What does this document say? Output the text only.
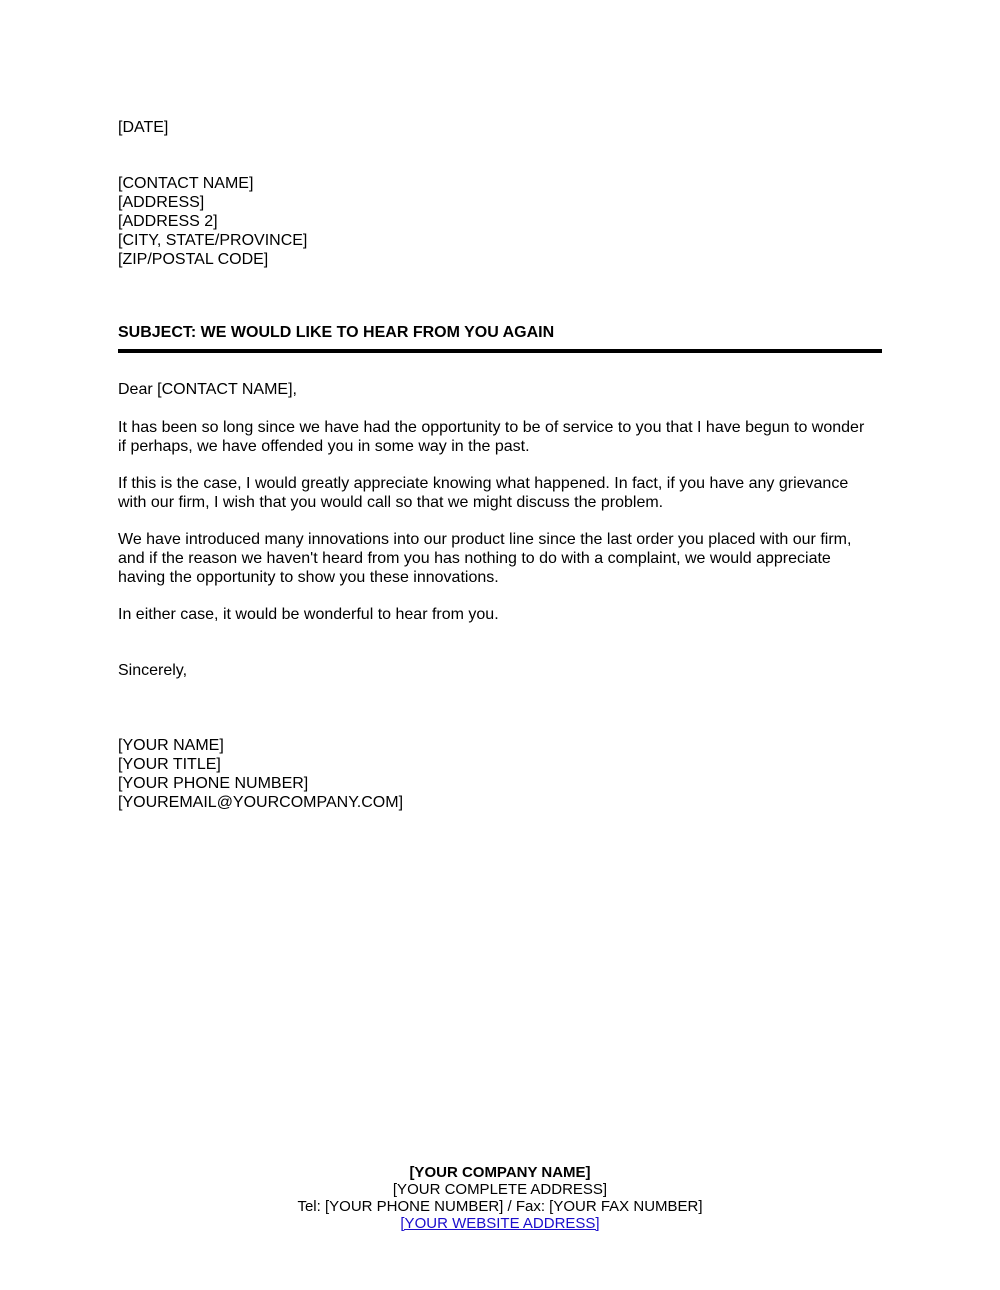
[DATE]
[CONTACT NAME]
[ADDRESS]
[ADDRESS 2]
[CITY, STATE/PROVINCE]
[ZIP/POSTAL CODE]
SUBJECT: WE WOULD LIKE TO HEAR FROM YOU AGAIN
Dear [CONTACT NAME],
It has been so long since we have had the opportunity to be of service to you that I have begun to wonder
if perhaps, we have offended you in some way in the past.
If this is the case, I would greatly appreciate knowing what happened. In fact, if you have any grievance
with our firm, I wish that you would call so that we might discuss the problem.
We have introduced many innovations into our product line since the last order you placed with our firm,
and if the reason we haven't heard from you has nothing to do with a complaint, we would appreciate
having the opportunity to show you these innovations.
In either case, it would be wonderful to hear from you.
Sincerely,
[YOUR NAME]
[YOUR TITLE]
[YOUR PHONE NUMBER]
[YOUREMAIL@YOURCOMPANY.COM]
[YOUR COMPANY NAME]
[YOUR COMPLETE ADDRESS]
Tel: [YOUR PHONE NUMBER] / Fax: [YOUR FAX NUMBER]
[YOUR WEBSITE ADDRESS]
